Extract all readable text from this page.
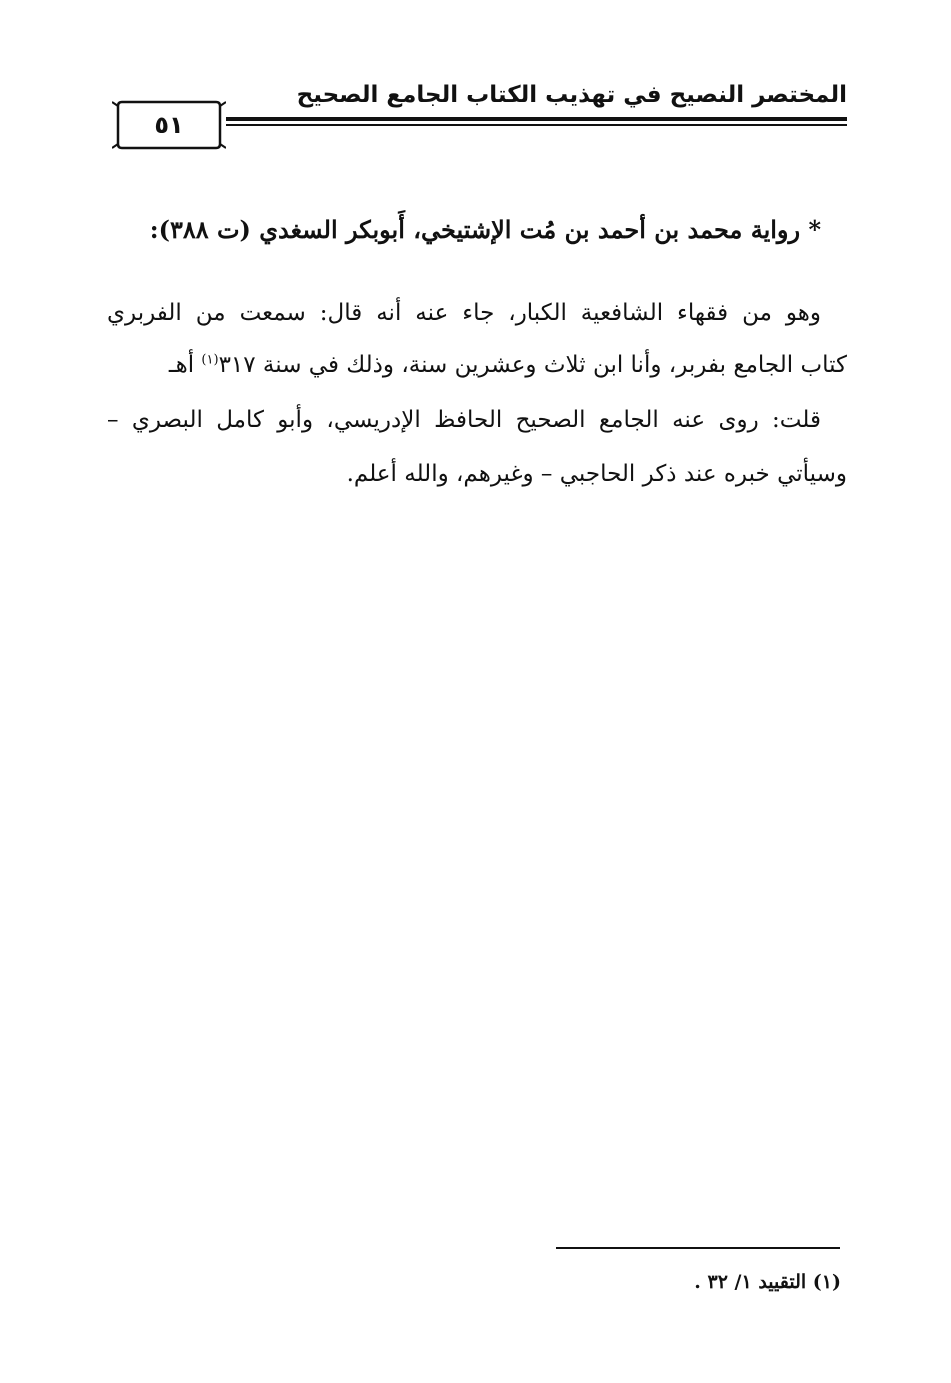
المختصر النصيح في تهذيب الكتاب الجامع الصحيح
٥١
* رواية محمد بن أحمد بن مُت الإشتيخي، أَبوبكر السغدي (ت ٣٨٨):
وهو من فقهاء الشافعية الكبار، جاء عنه أنه قال: سمعت من الفربري
كتاب الجامع بفربر، وأنا ابن ثلاث وعشرين سنة، وذلك في سنة ٣١٧$^{(١)}$ أهـ
قلت: روى عنه الجامع الصحيح الحافظ الإدريسي، وأبو كامل البصري –
وسيأتي خبره عند ذكر الحاجبي – وغيرهم، والله أعلم.
(١) التقييد ١/ ٣٢ .
